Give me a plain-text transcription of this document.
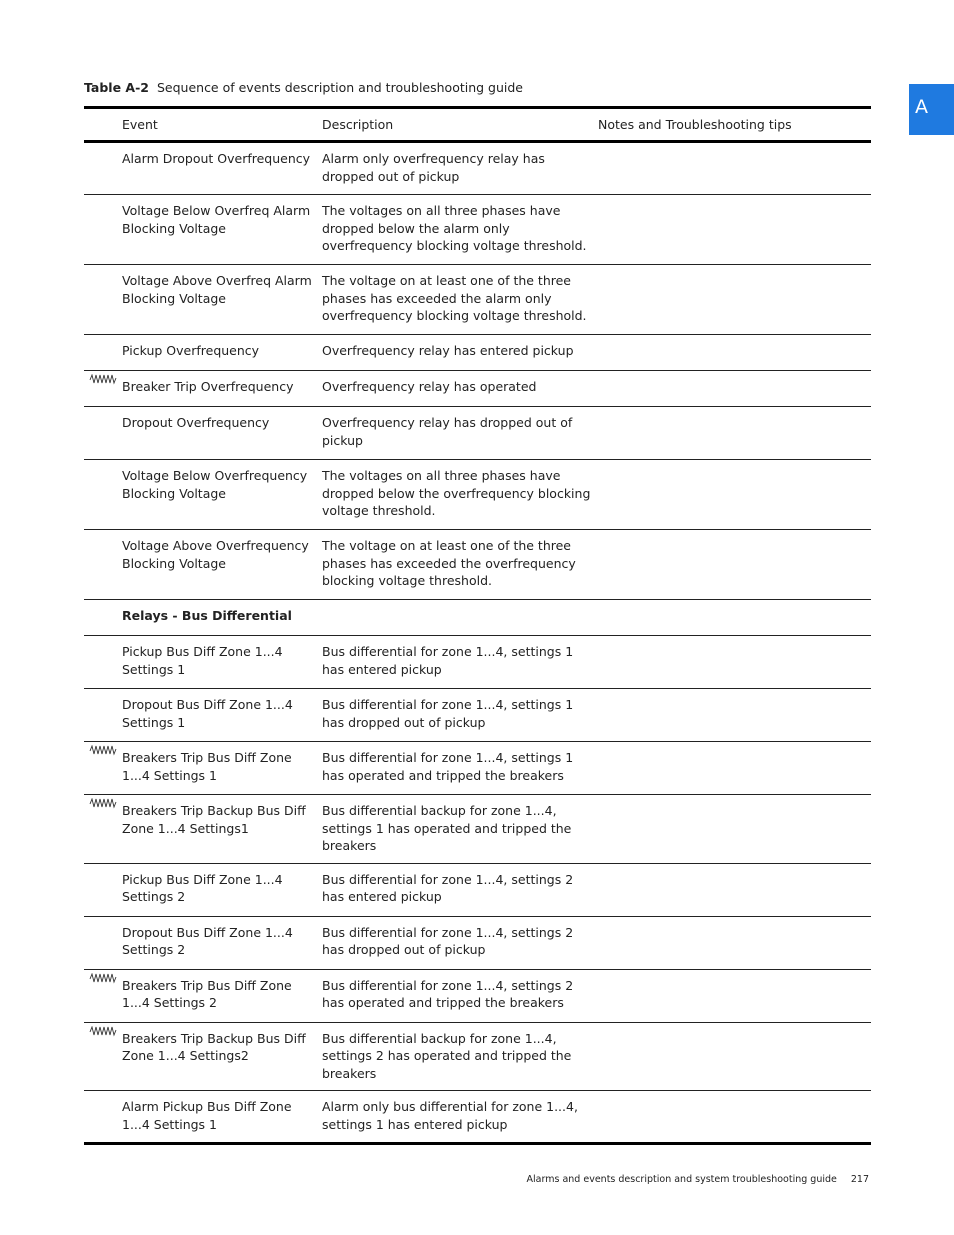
Table A-2 Sequence of events description and troubleshooting guide
A
	Event	Description	Notes and Troubleshooting tips
	Alarm Dropout Overfrequency	Alarm only overfrequency relay has dropped out of pickup	
	Voltage Below Overfreq Alarm Blocking Voltage	The voltages on all three phases have dropped below the alarm only overfrequency blocking voltage threshold.	
	Voltage Above Overfreq Alarm Blocking Voltage	The voltage on at least one of the three phases has exceeded the alarm only overfrequency blocking voltage threshold.	
	Pickup Overfrequency	Overfrequency relay has entered pickup	

	Breaker Trip Overfrequency	Overfrequency relay has operated	
	Dropout Overfrequency	Overfrequency relay has dropped out of pickup	
	Voltage Below Overfrequency Blocking Voltage	The voltages on all three phases have dropped below the overfrequency blocking voltage threshold.	
	Voltage Above Overfrequency Blocking Voltage	The voltage on at least one of the three phases has exceeded the overfrequency blocking voltage threshold.	
	Relays - Bus Differential		
	Pickup Bus Diff Zone 1...4 Settings 1	Bus differential for zone 1...4, settings 1 has entered pickup	
	Dropout Bus Diff Zone 1...4 Settings 1	Bus differential for zone 1...4, settings 1 has dropped out of pickup	

	Breakers Trip Bus Diff Zone 1...4 Settings 1	Bus differential for zone 1...4, settings 1 has operated and tripped the breakers	

	Breakers Trip Backup Bus Diff Zone 1...4 Settings1	Bus differential backup for zone 1...4, settings 1 has operated and tripped the breakers	
	Pickup Bus Diff Zone 1...4 Settings 2	Bus differential for zone 1...4, settings 2 has entered pickup	
	Dropout Bus Diff Zone 1...4 Settings 2	Bus differential for zone 1...4, settings 2 has dropped out of pickup	

	Breakers Trip Bus Diff Zone 1...4 Settings 2	Bus differential for zone 1...4, settings 2 has operated and tripped the breakers	

	Breakers Trip Backup Bus Diff Zone 1...4 Settings2	Bus differential backup for zone 1...4, settings 2 has operated and tripped the breakers	
	Alarm Pickup Bus Diff Zone 1...4 Settings 1	Alarm only bus differential for zone 1...4, settings 1 has entered pickup	
Alarms and events description and system troubleshooting guide 217
